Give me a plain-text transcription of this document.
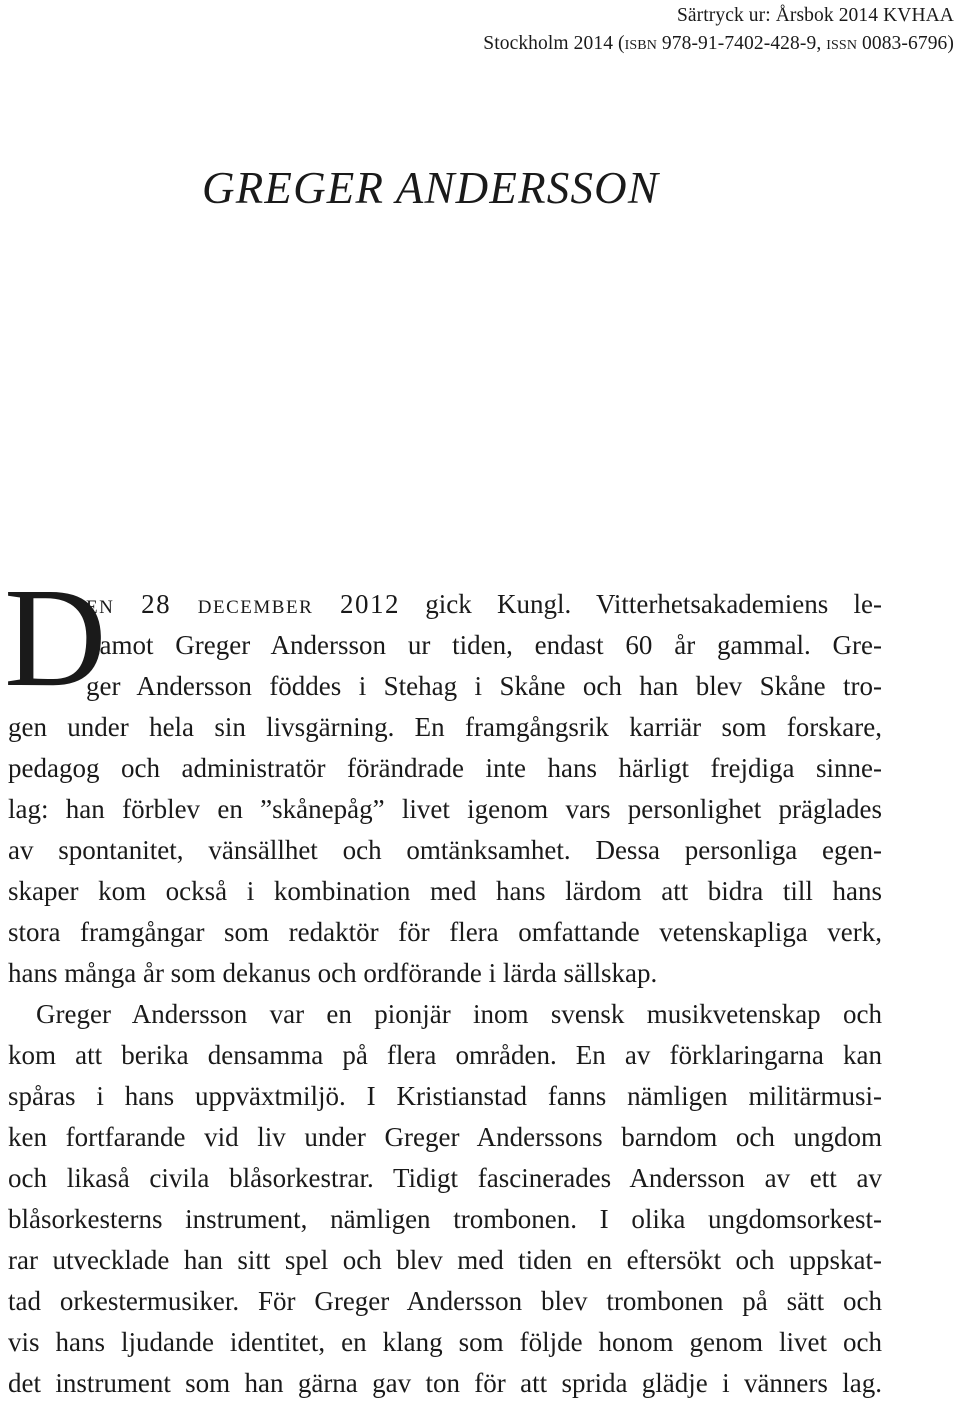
Särtryck ur: Årsbok 2014 KVHAA
Stockholm 2014 (isbn 978-91-7402-428-9, issn 0083-6796)
GREGER ANDERSSON
D
en 28 december 2012 gick Kungl. Vitterhetsakademiens le-
damot Greger Andersson ur tiden, endast 60 år gammal. Gre-
ger Andersson föddes i Stehag i Skåne och han blev Skåne tro-
gen under hela sin livsgärning. En framgångsrik karriär som forskare,
pedagog och administratör förändrade inte hans härligt frejdiga sinne-
lag: han förblev en ”skånepåg” livet igenom vars personlighet präglades
av spontanitet, vänsällhet och omtänksamhet. Dessa personliga egen-
skaper kom också i kombination med hans lärdom att bidra till hans
stora framgångar som redaktör för flera omfattande vetenskapliga verk,
hans många år som dekanus och ordförande i lärda sällskap.
Greger Andersson var en pionjär inom svensk musikvetenskap och
kom att berika densamma på flera områden. En av förklaringarna kan
spåras i hans uppväxtmiljö. I Kristianstad fanns nämligen militärmusi-
ken fortfarande vid liv under Greger Anderssons barndom och ungdom
och likaså civila blåsorkestrar. Tidigt fascinerades Andersson av ett av
blåsorkesterns instrument, nämligen trombonen. I olika ungdomsorkest-
rar utvecklade han sitt spel och blev med tiden en eftersökt och uppskat-
tad orkestermusiker. För Greger Andersson blev trombonen på sätt och
vis hans ljudande identitet, en klang som följde honom genom livet och
det instrument som han gärna gav ton för att sprida glädje i vänners lag.
